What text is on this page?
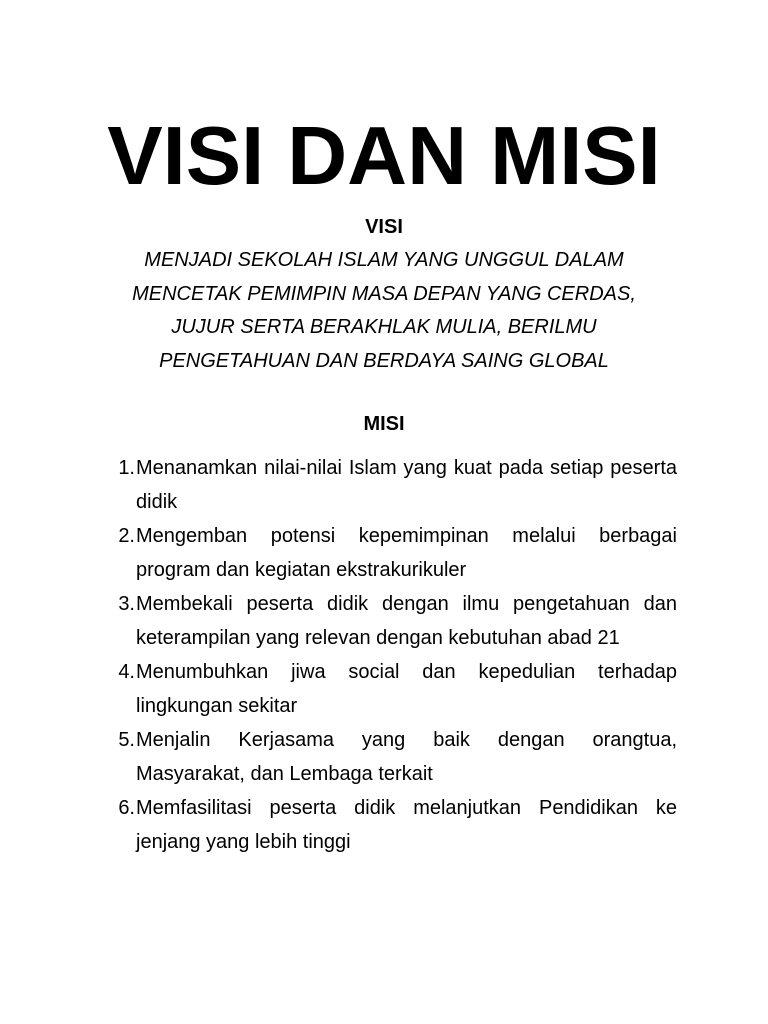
VISI DAN MISI
VISI

MENJADI SEKOLAH ISLAM YANG UNGGUL DALAM MENCETAK PEMIMPIN MASA DEPAN YANG CERDAS, JUJUR SERTA BERAKHLAK MULIA, BERILMU PENGETAHUAN DAN BERDAYA SAING GLOBAL

MISI
1. Menanamkan nilai-nilai Islam yang kuat pada setiap peserta didik
2. Mengemban potensi kepemimpinan melalui berbagai program dan kegiatan ekstrakurikuler
3. Membekali peserta didik dengan ilmu pengetahuan dan keterampilan yang relevan dengan kebutuhan abad 21
4. Menumbuhkan jiwa social dan kepedulian terhadap lingkungan sekitar
5. Menjalin Kerjasama yang baik dengan orangtua, Masyarakat, dan Lembaga terkait
6. Memfasilitasi peserta didik melanjutkan Pendidikan ke jenjang yang lebih tinggi
